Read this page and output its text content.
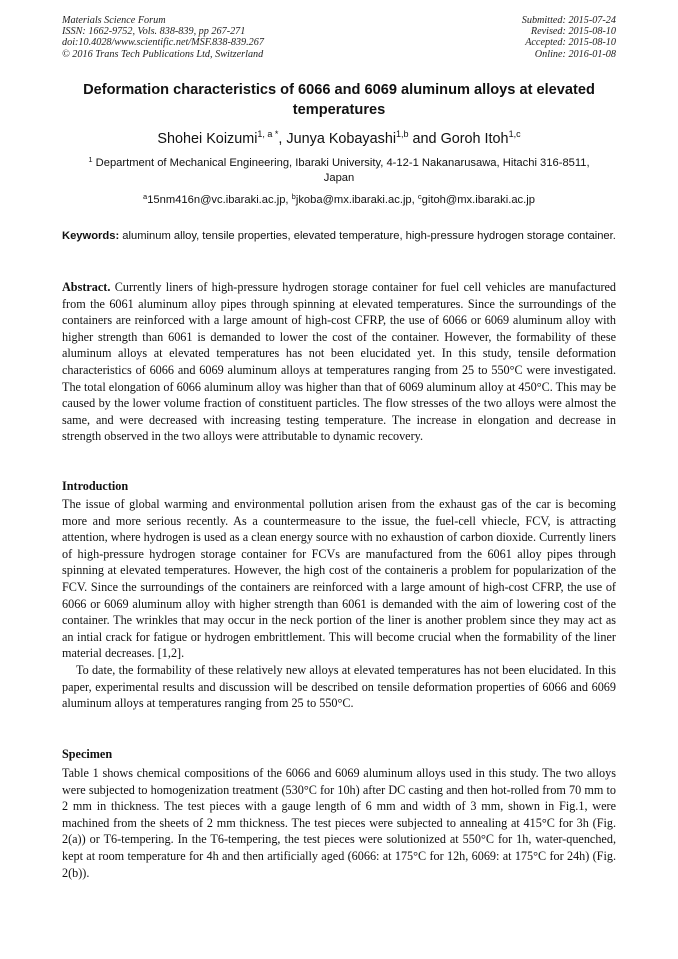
Materials Science Forum
ISSN: 1662-9752, Vols. 838-839, pp 267-271
doi:10.4028/www.scientific.net/MSF.838-839.267
© 2016 Trans Tech Publications Ltd, Switzerland
Submitted: 2015-07-24
Revised: 2015-08-10
Accepted: 2015-08-10
Online: 2016-01-08
Deformation characteristics of 6066 and 6069 aluminum alloys at elevated temperatures
Shohei Koizumi$^{1, a *}$, Junya Kobayashi$^{1,b}$ and Goroh Itoh$^{1,c}$
$^1$ Department of Mechanical Engineering, Ibaraki University, 4-12-1 Nakanarusawa, Hitachi 316-8511, Japan
$^a$15nm416n@vc.ibaraki.ac.jp, $^b$jkoba@mx.ibaraki.ac.jp, $^c$gitoh@mx.ibaraki.ac.jp
Keywords: aluminum alloy, tensile properties, elevated temperature, high-pressure hydrogen storage container.

Abstract. Currently liners of high-pressure hydrogen storage container for fuel cell vehicles are manufactured from the 6061 aluminum alloy pipes through spinning at elevated temperatures. Since the surroundings of the containers are reinforced with a large amount of high-cost CFRP, the use of 6066 or 6069 aluminum alloy with higher strength than 6061 is demanded to lower the cost of the container. However, the formability of these aluminum alloys at elevated temperatures has not been elucidated yet. In this study, tensile deformation characteristics of 6066 and 6069 aluminum alloys at temperatures ranging from 25 to 550°C were investigated. The total elongation of 6066 aluminum alloy was higher than that of 6069 aluminum alloy at 450°C. This may be caused by the lower volume fraction of constituent particles. The flow stresses of the two alloys were almost the same, and were decreased with increasing testing temperature. The increase in elongation and decrease in strength observed in the two alloys were attributable to dynamic recovery.

Introduction

The issue of global warming and environmental pollution arisen from the exhaust gas of the car is becoming more and more serious recently. As a countermeasure to the issue, the fuel-cell vhiecle, FCV, is attracting attention, where hydrogen is used as a clean energy source with no exhaustion of carbon dioxide. Currently liners of high-pressure hydrogen storage container for FCVs are manufactured from the 6061 alloy pipes through spinning at elevated temperatures. However, the high cost of the containeris a problem for popularization of the FCV. Since the surroundings of the containers are reinforced with a large amount of high-cost CFRP, the use of 6066 or 6069 aluminum alloy with higher strength than 6061 is demanded with the aim of lowering cost of the container. The wrinkles that may occur in the neck portion of the liner is another problem since they may act as an intial crack for fatigue or hydrogen embrittlement. This will become crucial when the formability of the liner material decreases. [1,2].

To date, the formability of these relatively new alloys at elevated temperatures has not been elucidated. In this paper, experimental results and discussion will be described on tensile deformation properties of 6066 and 6069 aluminum alloys at temperatures ranging from 25 to 550°C.

Specimen

Table 1 shows chemical compositions of the 6066 and 6069 aluminum alloys used in this study. The two alloys were subjected to homogenization treatment (530°C for 10h) after DC casting and then hot-rolled from 70 mm to 2 mm in thickness. The test pieces with a gauge length of 6 mm and width of 3 mm, shown in Fig.1, were machined from the sheets of 2 mm thickness. The test pieces were subjected to annealing at 415°C for 3h (Fig. 2(a)) or T6-tempering. In the T6-tempering, the test pieces were solutionized at 550°C for 1h, water-quenched, kept at room temperature for 4h and then artificially aged (6066: at 175°C for 12h, 6069: at 175°C for 24h) (Fig. 2(b)).
